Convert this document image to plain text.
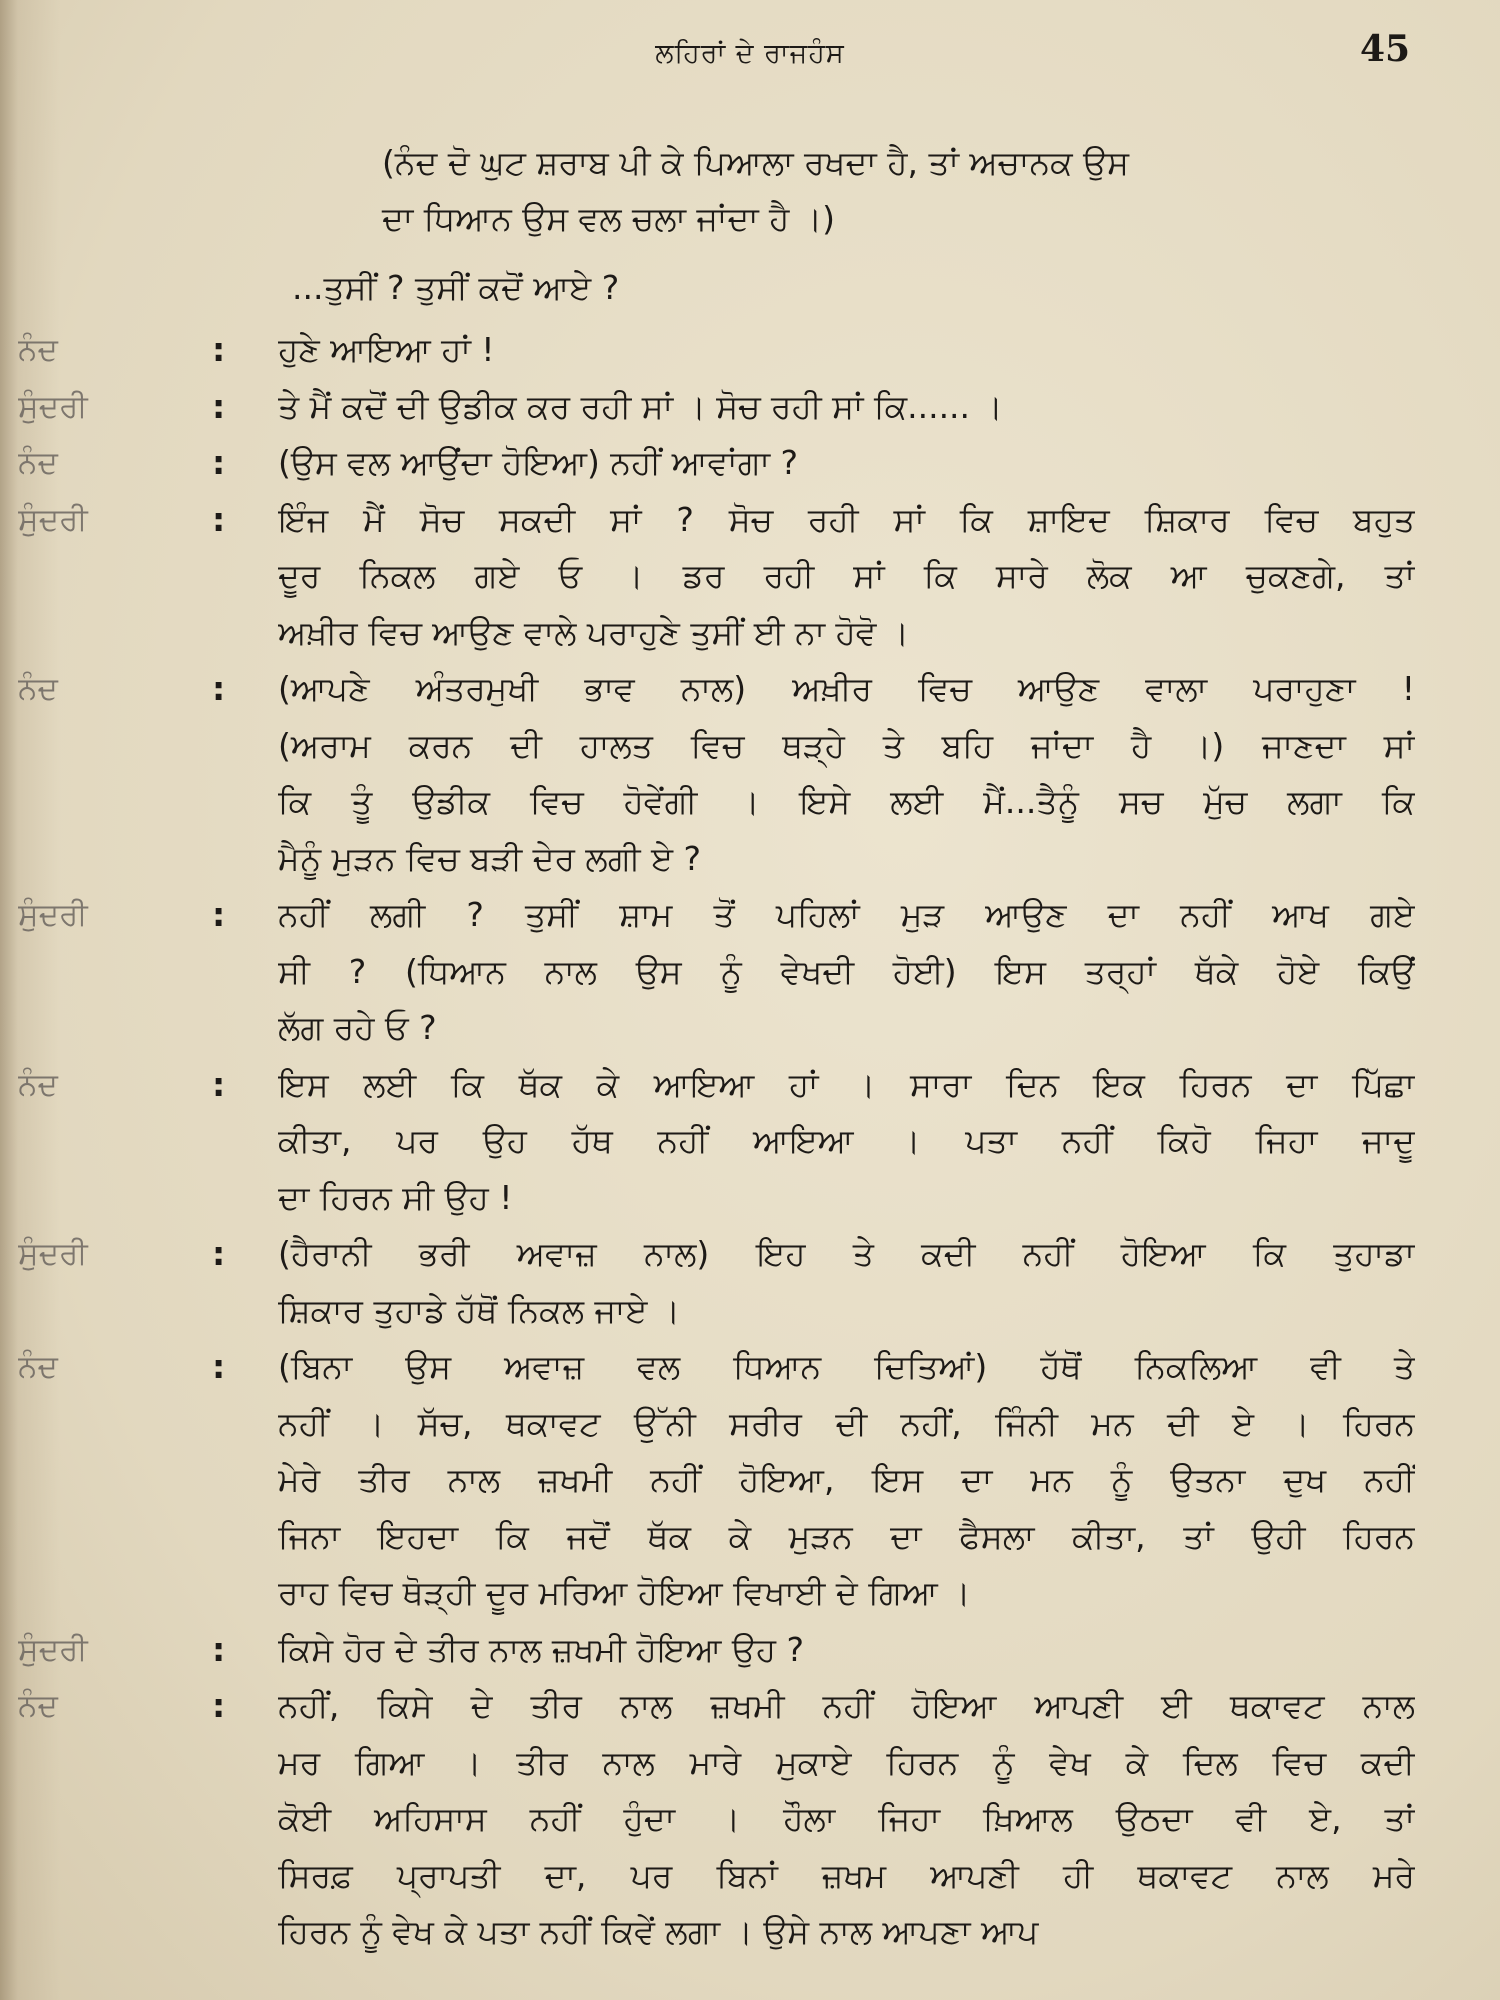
ਲਹਿਰਾਂ ਦੇ ਰਾਜਹੰਸ	45
(ਨੰਦ ਦੋ ਘੁਟ ਸ਼ਰਾਬ ਪੀ ਕੇ ਪਿਆਲਾ ਰਖਦਾ ਹੈ, ਤਾਂ ਅਚਾਨਕ ਉਸ
ਦਾ ਧਿਆਨ ਉਸ ਵਲ ਚਲਾ ਜਾਂਦਾ ਹੈ ।)
...ਤੁਸੀਂ ? ਤੁਸੀਂ ਕਦੋਂ ਆਏ ?
ਨੰਦ	: ਹੁਣੇ ਆਇਆ ਹਾਂ !
ਸੁੰਦਰੀ	: ਤੇ ਮੈਂ ਕਦੋਂ ਦੀ ਉਡੀਕ ਕਰ ਰਹੀ ਸਾਂ । ਸੋਚ ਰਹੀ ਸਾਂ ਕਿ...... ।
ਨੰਦ	: (ਉਸ ਵਲ ਆਉਂਦਾ ਹੋਇਆ) ਨਹੀਂ ਆਵਾਂਗਾ ?
ਸੁੰਦਰੀ	: ਇੰਜ ਮੈਂ ਸੋਚ ਸਕਦੀ ਸਾਂ ? ਸੋਚ ਰਹੀ ਸਾਂ ਕਿ ਸ਼ਾਇਦ ਸ਼ਿਕਾਰ ਵਿਚ ਬਹੁਤ
ਦੂਰ ਨਿਕਲ ਗਏ ਓ । ਡਰ ਰਹੀ ਸਾਂ ਕਿ ਸਾਰੇ ਲੋਕ ਆ ਚੁਕਣਗੇ, ਤਾਂ
ਅਖ਼ੀਰ ਵਿਚ ਆਉਣ ਵਾਲੇ ਪਰਾਹੁਣੇ ਤੁਸੀਂ ਈ ਨਾ ਹੋਵੋ ।
ਨੰਦ	: (ਆਪਣੇ ਅੰਤਰਮੁਖੀ ਭਾਵ ਨਾਲ) ਅਖ਼ੀਰ ਵਿਚ ਆਉਣ ਵਾਲਾ ਪਰਾਹੁਣਾ !
(ਅਰਾਮ ਕਰਨ ਦੀ ਹਾਲਤ ਵਿਚ ਥੜ੍ਹੇ ਤੇ ਬਹਿ ਜਾਂਦਾ ਹੈ ।) ਜਾਣਦਾ ਸਾਂ
ਕਿ ਤੂੰ ਉਡੀਕ ਵਿਚ ਹੋਵੇਂਗੀ । ਇਸੇ ਲਈ ਮੈਂ...ਤੈਨੂੰ ਸਚ ਮੁੱਚ ਲਗਾ ਕਿ
ਮੈਨੂੰ ਮੁੜਨ ਵਿਚ ਬੜੀ ਦੇਰ ਲਗੀ ਏ ?
ਸੁੰਦਰੀ	: ਨਹੀਂ ਲਗੀ ? ਤੁਸੀਂ ਸ਼ਾਮ ਤੋਂ ਪਹਿਲਾਂ ਮੁੜ ਆਉਣ ਦਾ ਨਹੀਂ ਆਖ ਗਏ
ਸੀ ? (ਧਿਆਨ ਨਾਲ ਉਸ ਨੂੰ ਵੇਖਦੀ ਹੋਈ) ਇਸ ਤਰ੍ਹਾਂ ਥੱਕੇ ਹੋਏ ਕਿਉਂ
ਲੱਗ ਰਹੇ ਓ ?
ਨੰਦ	: ਇਸ ਲਈ ਕਿ ਥੱਕ ਕੇ ਆਇਆ ਹਾਂ । ਸਾਰਾ ਦਿਨ ਇਕ ਹਿਰਨ ਦਾ ਪਿੱਛਾ
ਕੀਤਾ, ਪਰ ਉਹ ਹੱਥ ਨਹੀਂ ਆਇਆ । ਪਤਾ ਨਹੀਂ ਕਿਹੋ ਜਿਹਾ ਜਾਦੂ
ਦਾ ਹਿਰਨ ਸੀ ਉਹ !
ਸੁੰਦਰੀ	: (ਹੈਰਾਨੀ ਭਰੀ ਅਵਾਜ਼ ਨਾਲ) ਇਹ ਤੇ ਕਦੀ ਨਹੀਂ ਹੋਇਆ ਕਿ ਤੁਹਾਡਾ
ਸ਼ਿਕਾਰ ਤੁਹਾਡੇ ਹੱਥੋਂ ਨਿਕਲ ਜਾਏ ।
ਨੰਦ	: (ਬਿਨਾ ਉਸ ਅਵਾਜ਼ ਵਲ ਧਿਆਨ ਦਿਤਿਆਂ) ਹੱਥੋਂ ਨਿਕਲਿਆ ਵੀ ਤੇ
ਨਹੀਂ । ਸੱਚ, ਥਕਾਵਟ ਉੱਨੀ ਸਰੀਰ ਦੀ ਨਹੀਂ, ਜਿੰਨੀ ਮਨ ਦੀ ਏ । ਹਿਰਨ
ਮੇਰੇ ਤੀਰ ਨਾਲ ਜ਼ਖਮੀ ਨਹੀਂ ਹੋਇਆ, ਇਸ ਦਾ ਮਨ ਨੂੰ ਉਤਨਾ ਦੁਖ ਨਹੀਂ
ਜਿਨਾ ਇਹਦਾ ਕਿ ਜਦੋਂ ਥੱਕ ਕੇ ਮੁੜਨ ਦਾ ਫੈਸਲਾ ਕੀਤਾ, ਤਾਂ ਉਹੀ ਹਿਰਨ
ਰਾਹ ਵਿਚ ਥੋੜ੍ਹੀ ਦੂਰ ਮਰਿਆ ਹੋਇਆ ਵਿਖਾਈ ਦੇ ਗਿਆ ।
ਸੁੰਦਰੀ	: ਕਿਸੇ ਹੋਰ ਦੇ ਤੀਰ ਨਾਲ ਜ਼ਖਮੀ ਹੋਇਆ ਉਹ ?
ਨੰਦ	: ਨਹੀਂ, ਕਿਸੇ ਦੇ ਤੀਰ ਨਾਲ ਜ਼ਖਮੀ ਨਹੀਂ ਹੋਇਆ ਆਪਣੀ ਈ ਥਕਾਵਟ ਨਾਲ
ਮਰ ਗਿਆ । ਤੀਰ ਨਾਲ ਮਾਰੇ ਮੁਕਾਏ ਹਿਰਨ ਨੂੰ ਵੇਖ ਕੇ ਦਿਲ ਵਿਚ ਕਦੀ
ਕੋਈ ਅਹਿਸਾਸ ਨਹੀਂ ਹੁੰਦਾ । ਹੌਲਾ ਜਿਹਾ ਖ਼ਿਆਲ ਉਠਦਾ ਵੀ ਏ, ਤਾਂ
ਸਿਰਫ਼ ਪ੍ਰਾਪਤੀ ਦਾ, ਪਰ ਬਿਨਾਂ ਜ਼ਖਮ ਆਪਣੀ ਹੀ ਥਕਾਵਟ ਨਾਲ ਮਰੇ
ਹਿਰਨ ਨੂੰ ਵੇਖ ਕੇ ਪਤਾ ਨਹੀਂ ਕਿਵੇਂ ਲਗਾ । ਉਸੇ ਨਾਲ ਆਪਣਾ ਆਪ
